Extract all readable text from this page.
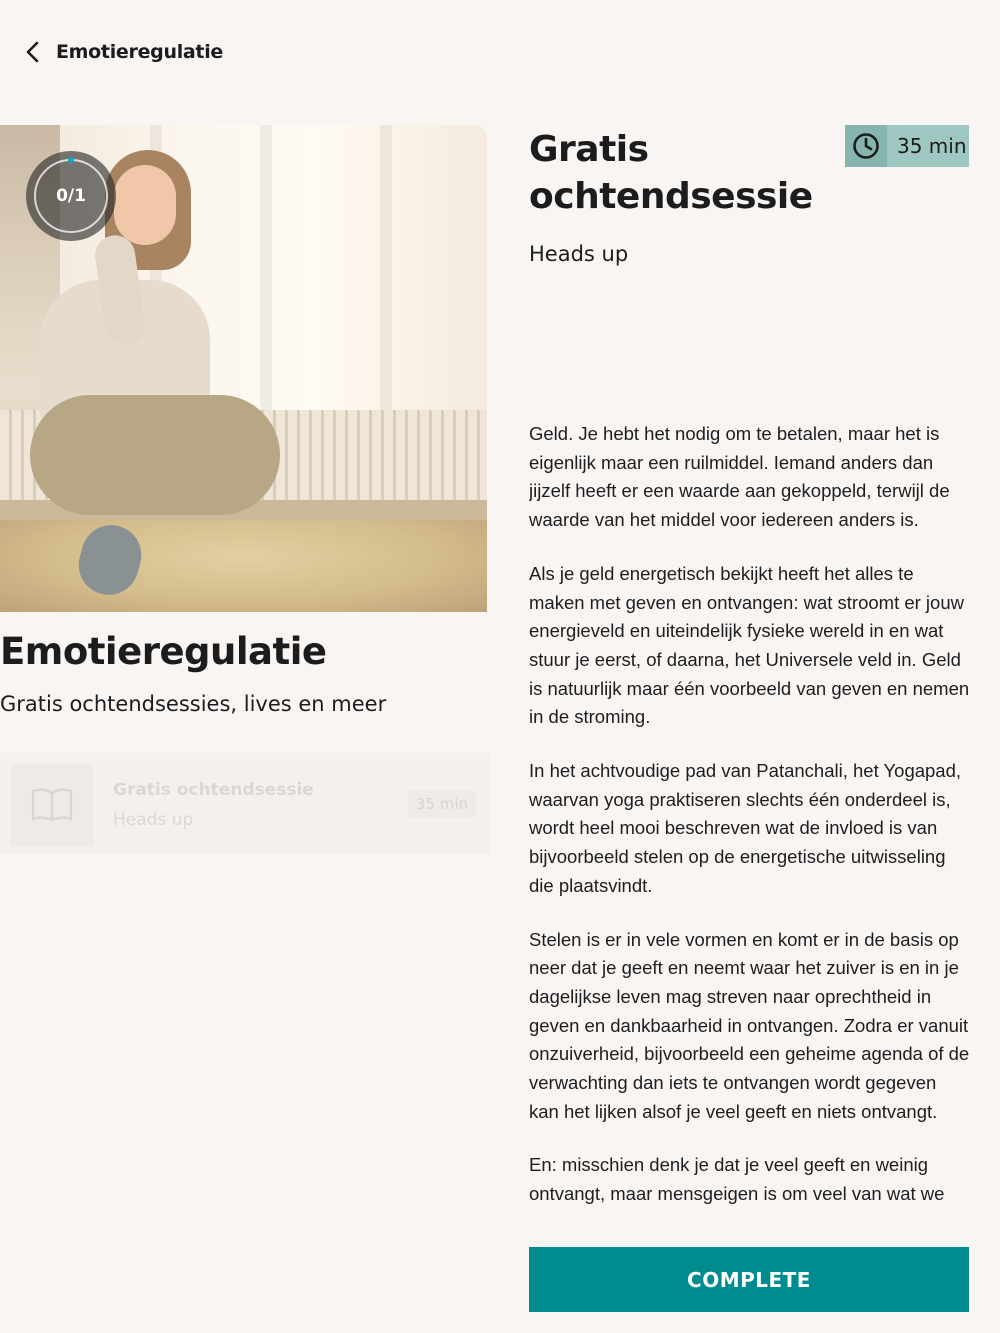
Emotieregulatie
0/1
Emotieregulatie

Gratis ochtendsessies, lives en meer

Gratis ochtendsessie
Heads up
35 min
Gratis ochtendsessie
35 min

Heads up

Geld. Je hebt het nodig om te betalen, maar het is eigenlijk maar een ruilmiddel. Iemand anders dan jijzelf heeft er een waarde aan gekoppeld, terwijl de waarde van het middel voor iedereen anders is.

Als je geld energetisch bekijkt heeft het alles te maken met geven en ontvangen: wat stroomt er jouw energieveld en uiteindelijk fysieke wereld in en wat stuur je eerst, of daarna, het Universele veld in. Geld is natuurlijk maar één voorbeeld van geven en nemen in de stroming.

In het achtvoudige pad van Patanchali, het Yogapad, waarvan yoga praktiseren slechts één onderdeel is, wordt heel mooi beschreven wat de invloed is van bijvoorbeeld stelen op de energetische uitwisseling die plaatsvindt.

Stelen is er in vele vormen en komt er in de basis op neer dat je geeft en neemt waar het zuiver is en in je dagelijkse leven mag streven naar oprechtheid in geven en dankbaarheid in ontvangen. Zodra er vanuit onzuiverheid, bijvoorbeeld een geheime agenda of de verwachting dan iets te ontvangen wordt gegeven kan het lijken alsof je veel geeft en niets ontvangt.

En: misschien denk je dat je veel geeft en weinig ontvangt, maar mensgeigen is om veel van wat we

COMPLETE
